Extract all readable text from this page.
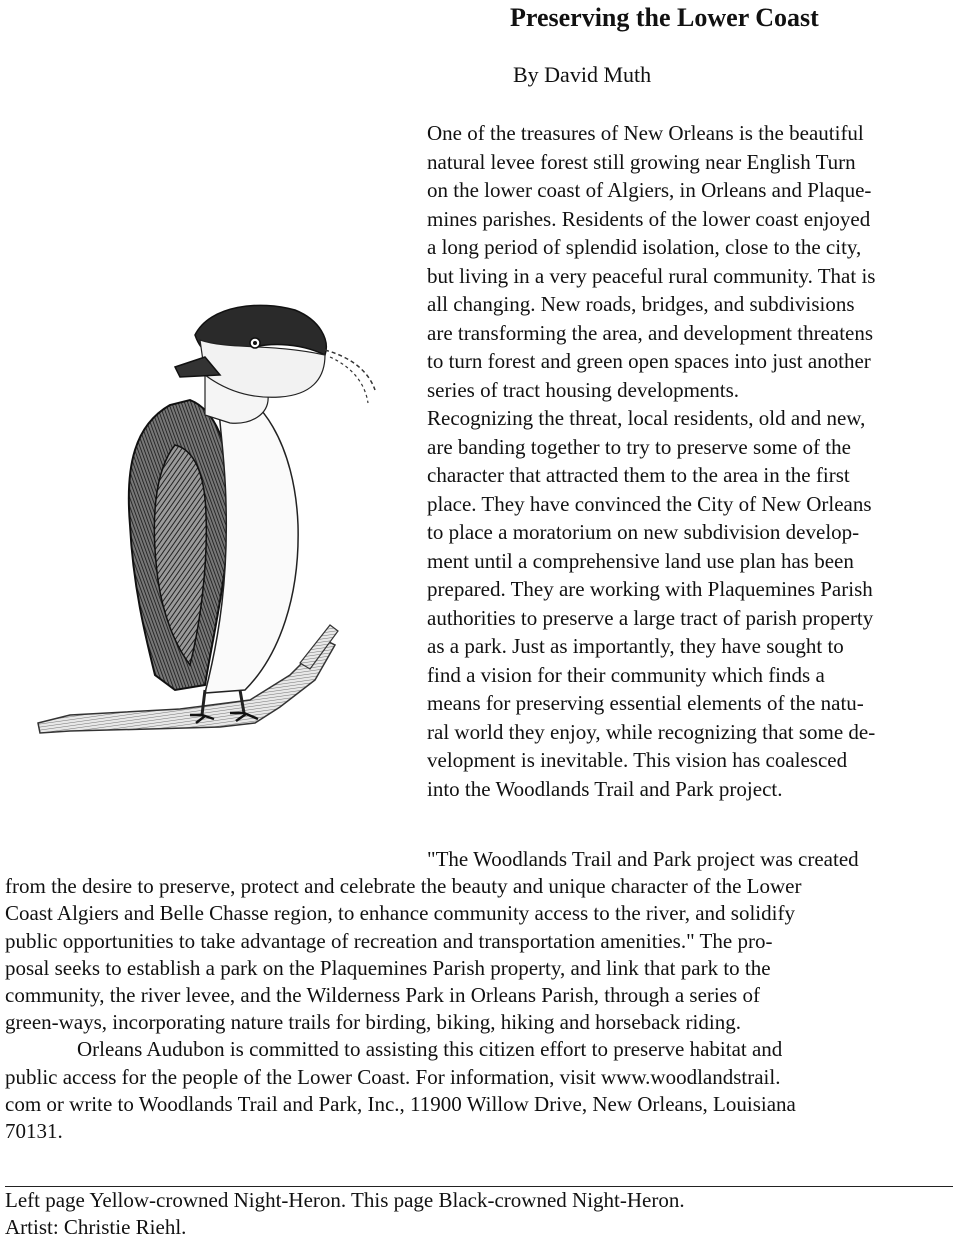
Preserving the Lower Coast
By David Muth
One of the treasures of New Orleans is the beautiful
natural levee forest still growing near English Turn
on the lower coast of Algiers, in Orleans and Plaque-
mines parishes. Residents of the lower coast enjoyed
a long period of splendid isolation, close to the city,
but living in a very peaceful rural community. That is
all changing. New roads, bridges, and subdivisions
are transforming the area, and development threatens
to turn forest and green open spaces into just another
series of tract housing developments.
Recognizing the threat, local residents, old and new,
are banding together to try to preserve some of the
character that attracted them to the area in the first
place. They have convinced the City of New Orleans
to place a moratorium on new subdivision develop-
ment until a comprehensive land use plan has been
prepared. They are working with Plaquemines Parish
authorities to preserve a large tract of parish property
as a park. Just as importantly, they have sought to
find a vision for their community which finds a
means for preserving essential elements of the natu-
ral world they enjoy, while recognizing that some de-
velopment is inevitable. This vision has coalesced
into the Woodlands Trail and Park project.
"The Woodlands Trail and Park project was created
from the desire to preserve, protect and celebrate the beauty and unique character of the Lower
Coast Algiers and Belle Chasse region, to enhance community access to the river, and solidify
public opportunities to take advantage of recreation and transportation amenities." The pro-
posal seeks to establish a park on the Plaquemines Parish property, and link that park to the
community, the river levee, and the Wilderness Park in Orleans Parish, through a series of
green-ways, incorporating nature trails for birding, biking, hiking and horseback riding.
Orleans Audubon is committed to assisting this citizen effort to preserve habitat and
public access for the people of the Lower Coast. For information, visit www.woodlandstrail.
com or write to Woodlands Trail and Park, Inc., 11900 Willow Drive, New Orleans, Louisiana
70131.
Left page Yellow-crowned Night-Heron. This page Black-crowned Night-Heron.
Artist: Christie Riehl.
